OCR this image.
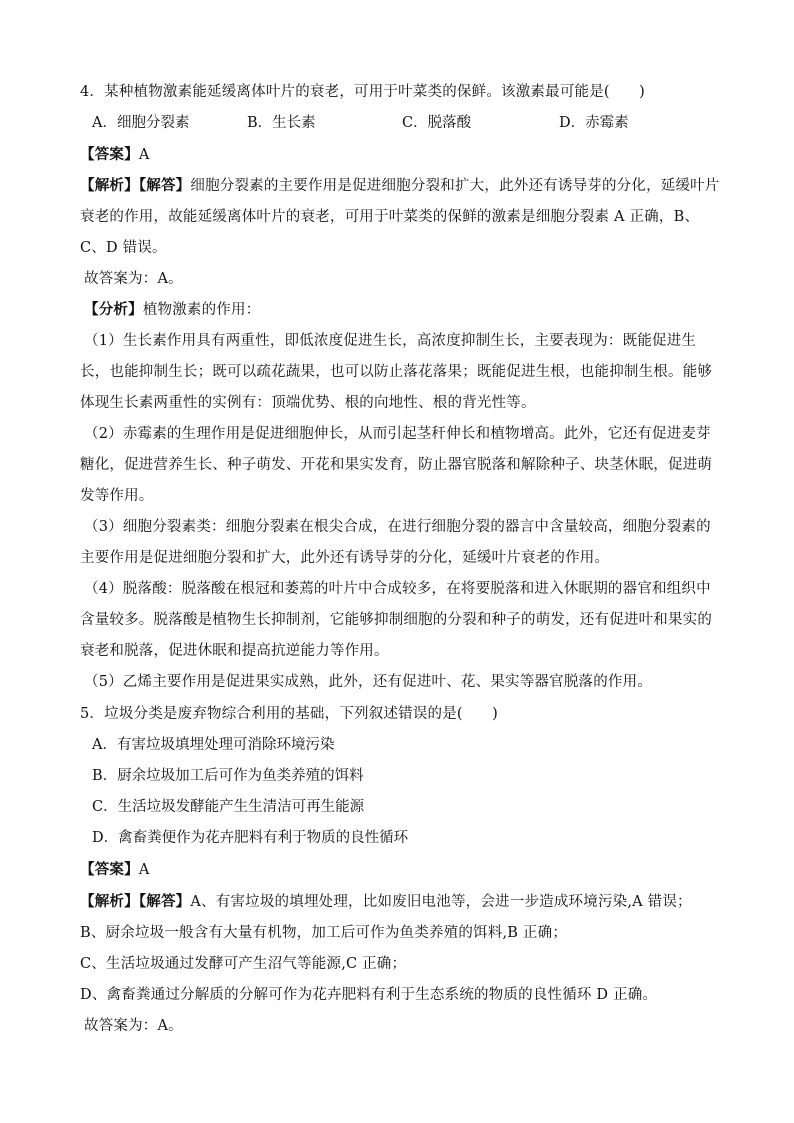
4．某种植物激素能延缓离体叶片的衰老，可用于叶菜类的保鲜。该激素最可能是(　　)
A．细胞分裂素	B．生长素	C．脱落酸	D．赤霉素
【答案】A
【解析】【解答】细胞分裂素的主要作用是促进细胞分裂和扩大，此外还有诱导芽的分化，延缓叶片
衰老的作用，故能延缓离体叶片的衰老，可用于叶菜类的保鲜的激素是细胞分裂素 A 正确，B、
C、D 错误。
故答案为：A。
【分析】植物激素的作用：
（1）生长素作用具有两重性，即低浓度促进生长，高浓度抑制生长，主要表现为：既能促进生
长，也能抑制生长；既可以疏花蔬果，也可以防止落花落果；既能促进生根，也能抑制生根。能够
体现生长素两重性的实例有：顶端优势、根的向地性、根的背光性等。
（2）赤霉素的生理作用是促进细胞伸长，从而引起茎秆伸长和植物增高。此外，它还有促进麦芽
糖化，促进营养生长、种子萌发、开花和果实发育，防止器官脱落和解除种子、块茎休眠，促进萌
发等作用。
（3）细胞分裂素类：细胞分裂素在根尖合成，在进行细胞分裂的器言中含量较高，细胞分裂素的
主要作用是促进细胞分裂和扩大，此外还有诱导芽的分化，延缓叶片衰老的作用。
（4）脱落酸：脱落酸在根冠和萎蔫的叶片中合成较多，在将要脱落和进入休眠期的器官和组织中
含量较多。脱落酸是植物生长抑制剂，它能够抑制细胞的分裂和种子的萌发，还有促进叶和果实的
衰老和脱落，促进休眠和提高抗逆能力等作用。
（5）乙烯主要作用是促进果实成熟，此外，还有促进叶、花、果实等器官脱落的作用。
5．垃圾分类是废弃物综合利用的基础，下列叙述错误的是(　　)
A．有害垃圾填埋处理可消除环境污染
B．厨余垃圾加工后可作为鱼类养殖的饵料
C．生活垃圾发酵能产生生清洁可再生能源
D．禽畜粪便作为花卉肥料有利于物质的良性循环
【答案】A
【解析】【解答】A、有害垃圾的填埋处理，比如废旧电池等，会进一步造成环境污染,A 错误；
B、厨余垃圾一般含有大量有机物，加工后可作为鱼类养殖的饵料,B 正确；
C、生活垃圾通过发酵可产生沼气等能源,C 正确；
D、禽畜粪通过分解质的分解可作为花卉肥料有利于生态系统的物质的良性循环 D 正确。
故答案为：A。
